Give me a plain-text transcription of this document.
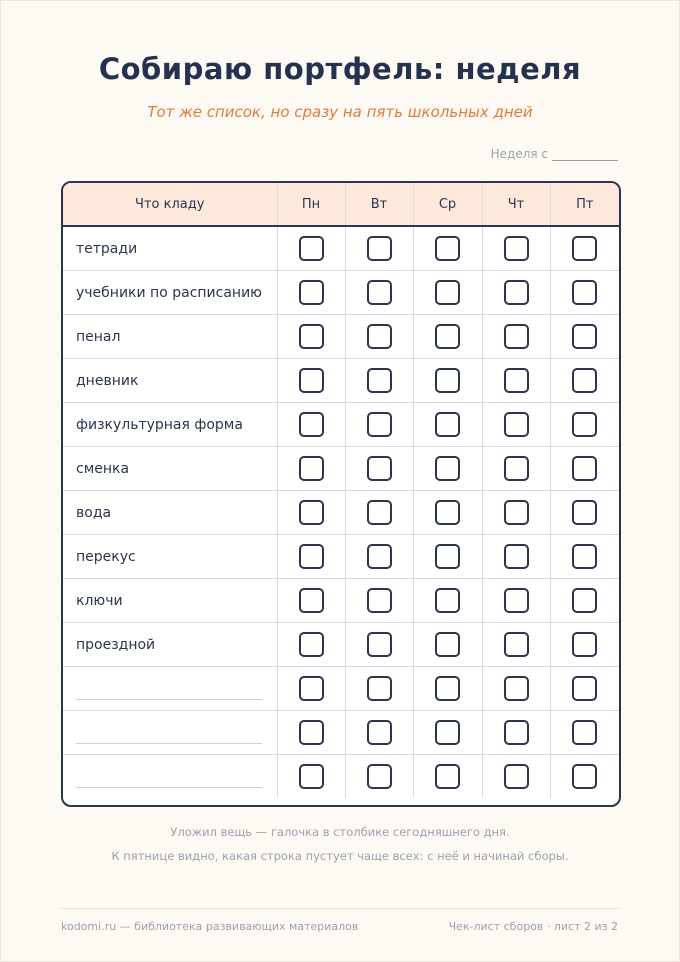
Собираю портфель: неделя
Тот же список, но сразу на пять школьных дней
Неделя с
Что кладу	Пн	Вт	Ср	Чт	Пт
тетради					
учебники по расписанию					
пенал					
дневник					
физкультурная форма					
сменка					
вода					
перекус					
ключи					
проездной					

Уложил вещь — галочка в столбике сегодняшнего дня.
К пятнице видно, какая строка пустует чаще всех: с неё и начинай сборы.
kodomi.ru — библиотека развивающих материалов	Чек-лист сборов · лист 2 из 2
